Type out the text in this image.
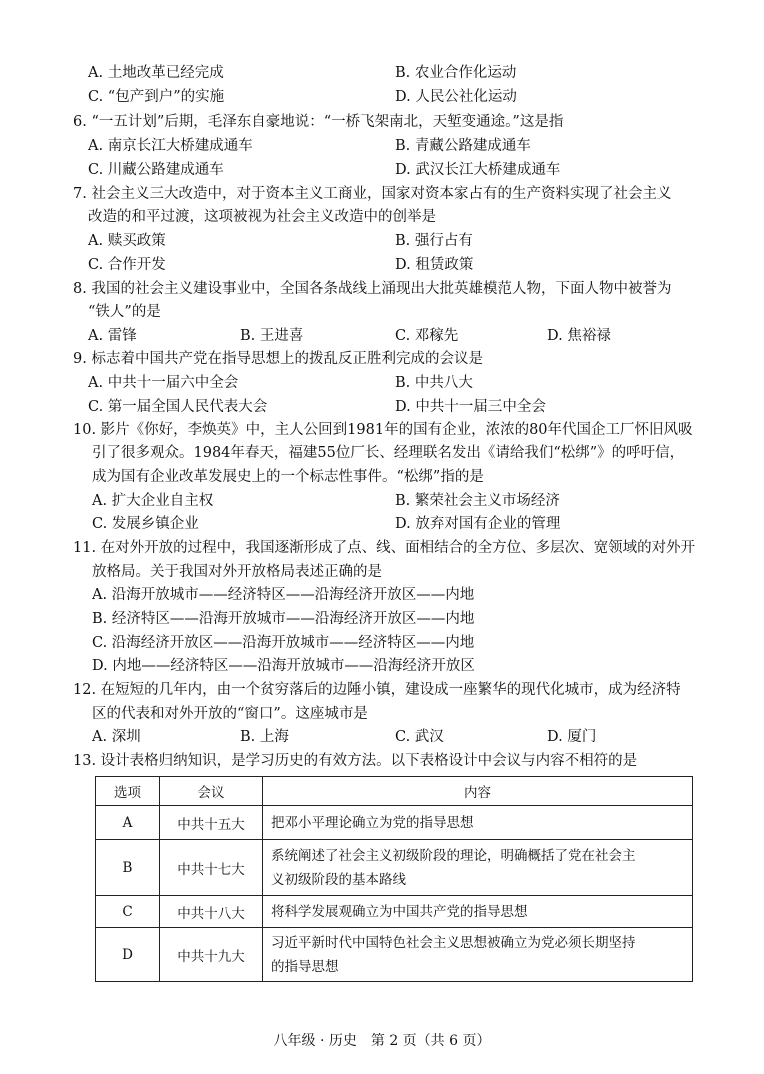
A. 土地改革已经完成	B. 农业合作化运动
C. “包产到户”的实施	D. 人民公社化运动
6. “一五计划”后期，毛泽东自豪地说：“一桥飞架南北，天堑变通途。”这是指
A. 南京长江大桥建成通车	B. 青藏公路建成通车
C. 川藏公路建成通车	D. 武汉长江大桥建成通车
7. 社会主义三大改造中，对于资本主义工商业，国家对资本家占有的生产资料实现了社会主义
改造的和平过渡，这项被视为社会主义改造中的创举是
A. 赎买政策	B. 强行占有
C. 合作开发	D. 租赁政策
8. 我国的社会主义建设事业中，全国各条战线上涌现出大批英雄模范人物，下面人物中被誉为
“铁人”的是
A. 雷锋	B. 王进喜	C. 邓稼先	D. 焦裕禄
9. 标志着中国共产党在指导思想上的拨乱反正胜利完成的会议是
A. 中共十一届六中全会	B. 中共八大
C. 第一届全国人民代表大会	D. 中共十一届三中全会
10. 影片《你好，李焕英》中，主人公回到1981年的国有企业，浓浓的80年代国企工厂怀旧风吸
引了很多观众。1984年春天，福建55位厂长、经理联名发出《请给我们“松绑”》的呼吁信，
成为国有企业改革发展史上的一个标志性事件。“松绑”指的是
A. 扩大企业自主权	B. 繁荣社会主义市场经济
C. 发展乡镇企业	D. 放弃对国有企业的管理
11. 在对外开放的过程中，我国逐渐形成了点、线、面相结合的全方位、多层次、宽领域的对外开
放格局。关于我国对外开放格局表述正确的是
A. 沿海开放城市——经济特区——沿海经济开放区——内地
B. 经济特区——沿海开放城市——沿海经济开放区——内地
C. 沿海经济开放区——沿海开放城市——经济特区——内地
D. 内地——经济特区——沿海开放城市——沿海经济开放区
12. 在短短的几年内，由一个贫穷落后的边陲小镇，建设成一座繁华的现代化城市，成为经济特
区的代表和对外开放的“窗口”。这座城市是
A. 深圳	B. 上海	C. 武汉	D. 厦门
13. 设计表格归纳知识，是学习历史的有效方法。以下表格设计中会议与内容不相符的是
选项	会议	内容
A	中共十五大	把邓小平理论确立为党的指导思想
B	中共十七大	系统阐述了社会主义初级阶段的理论，明确概括了党在社会主
义初级阶段的基本路线

C	中共十八大	将科学发展观确立为中国共产党的指导思想
D	中共十九大	习近平新时代中国特色社会主义思想被确立为党必须长期坚持
的指导思想
八年级 · 历史　第 2 页（共 6 页）
